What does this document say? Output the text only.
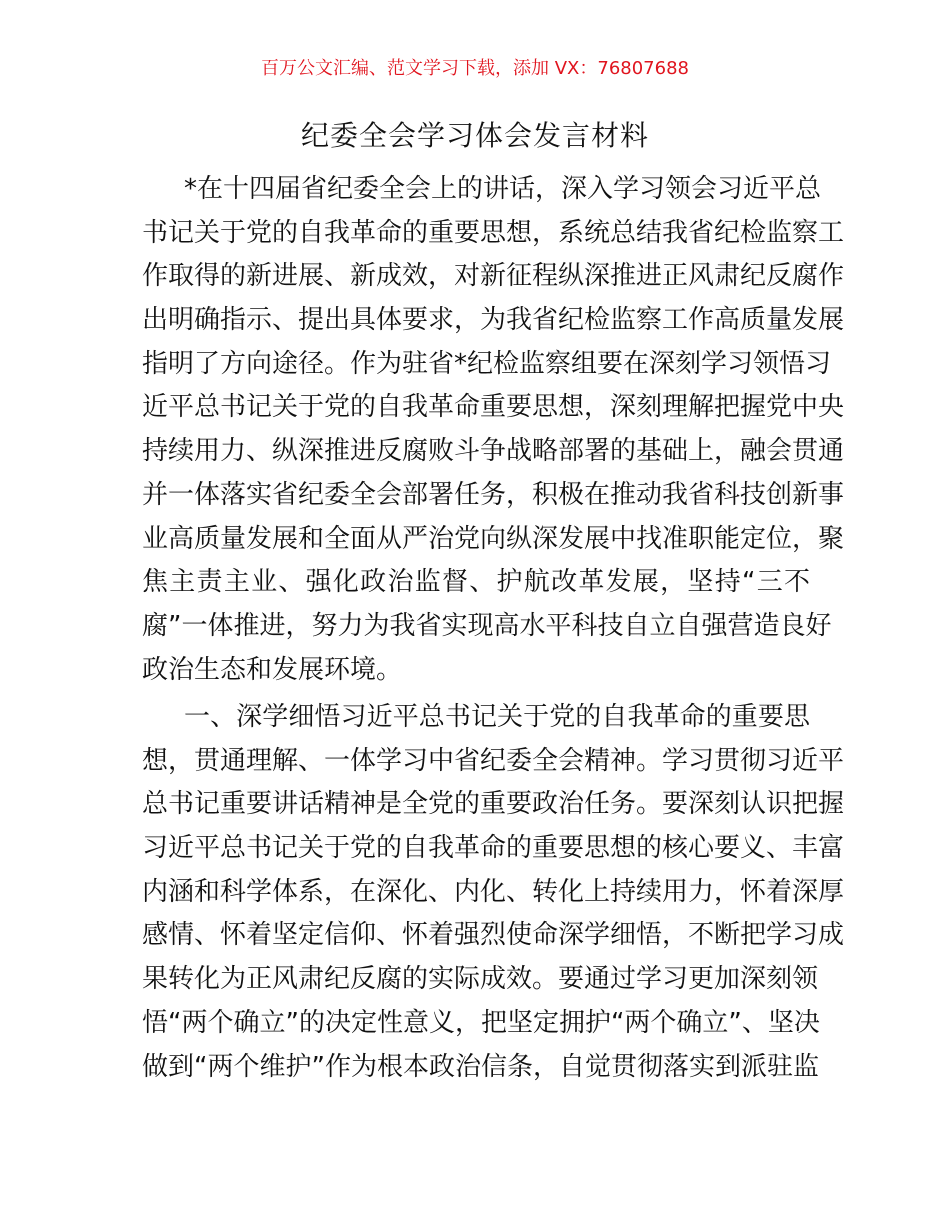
百万公文汇编、范文学习下载，添加 VX：76807688
纪委全会学习体会发言材料
*在十四届省纪委全会上的讲话，深入学习领会习近平总
书记关于党的自我革命的重要思想，系统总结我省纪检监察工
作取得的新进展、新成效，对新征程纵深推进正风肃纪反腐作
出明确指示、提出具体要求，为我省纪检监察工作高质量发展
指明了方向途径。作为驻省*纪检监察组要在深刻学习领悟习
近平总书记关于党的自我革命重要思想，深刻理解把握党中央
持续用力、纵深推进反腐败斗争战略部署的基础上，融会贯通
并一体落实省纪委全会部署任务，积极在推动我省科技创新事
业高质量发展和全面从严治党向纵深发展中找准职能定位，聚
焦主责主业、强化政治监督、护航改革发展，坚持“三不
腐”一体推进，努力为我省实现高水平科技自立自强营造良好
政治生态和发展环境。
一、深学细悟习近平总书记关于党的自我革命的重要思
想，贯通理解、一体学习中省纪委全会精神。学习贯彻习近平
总书记重要讲话精神是全党的重要政治任务。要深刻认识把握
习近平总书记关于党的自我革命的重要思想的核心要义、丰富
内涵和科学体系，在深化、内化、转化上持续用力，怀着深厚
感情、怀着坚定信仰、怀着强烈使命深学细悟，不断把学习成
果转化为正风肃纪反腐的实际成效。要通过学习更加深刻领
悟“两个确立”的决定性意义，把坚定拥护“两个确立”、坚决
做到“两个维护”作为根本政治信条，自觉贯彻落实到派驻监
